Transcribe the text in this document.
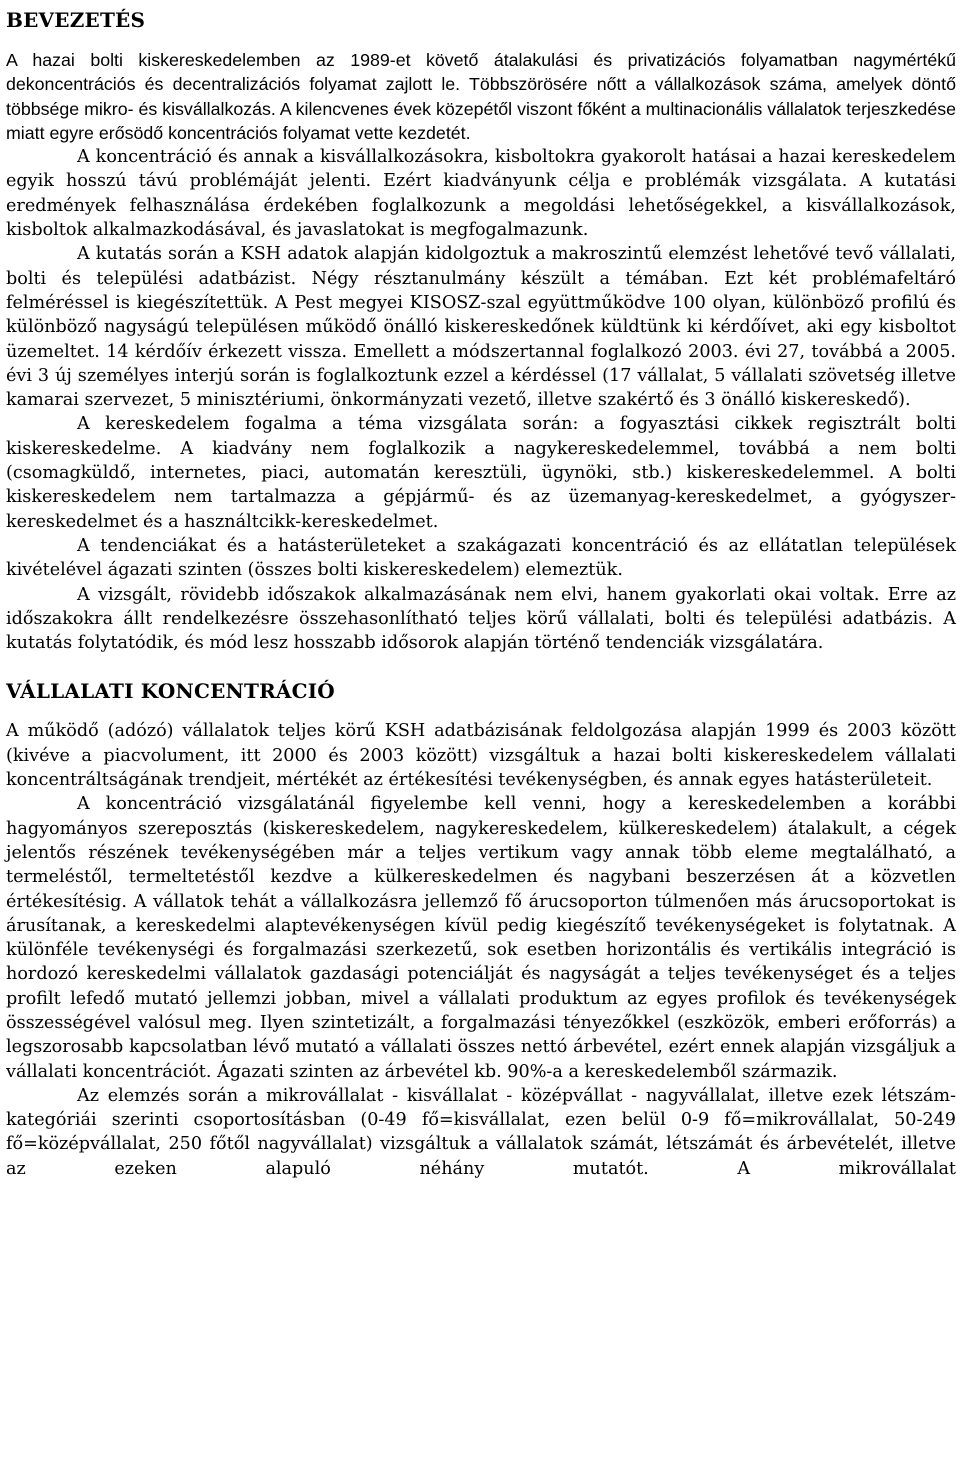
BEVEZETÉS

A hazai bolti kiskereskedelemben az 1989-et követő átalakulási és privatizációs folyamatban nagymértékű dekoncentrációs és decentralizációs folyamat zajlott le. Többszörösére nőtt a vállalkozások száma, amelyek döntő többsége mikro- és kisvállalkozás. A kilencvenes évek közepétől viszont főként a multinacionális vállalatok terjeszkedése miatt egyre erősödő koncentrációs folyamat vette kezdetét.

A koncentráció és annak a kisvállalkozásokra, kisboltokra gyakorolt hatásai a hazai kereskedelem egyik hosszú távú problémáját jelenti. Ezért kiadványunk célja e problémák vizsgálata. A kutatási eredmények felhasználása érdekében foglalkozunk a megoldási lehetőségekkel, a kisvállalkozások, kisboltok alkalmazkodásával, és javaslatokat is megfogalmazunk.

A kutatás során a KSH adatok alapján kidolgoztuk a makroszintű elemzést lehetővé tevő vállalati, bolti és települési adatbázist. Négy résztanulmány készült a témában. Ezt két problémafeltáró felméréssel is kiegészítettük. A Pest megyei KISOSZ-szal együttműködve 100 olyan, különböző profilú és különböző nagyságú településen működő önálló kiskereskedőnek küldtünk ki kérdőívet, aki egy kisboltot üzemeltet. 14 kérdőív érkezett vissza. Emellett a módszertannal foglalkozó 2003. évi 27, továbbá a 2005. évi 3 új személyes interjú során is foglalkoztunk ezzel a kérdéssel (17 vállalat, 5 vállalati szövetség illetve kamarai szervezet, 5 minisztériumi, önkormányzati vezető, illetve szakértő és 3 önálló kiskereskedő).

A kereskedelem fogalma a téma vizsgálata során: a fogyasztási cikkek regisztrált bolti kiskereskedelme. A kiadvány nem foglalkozik a nagykereskedelemmel, továbbá a nem bolti (csomagküldő, internetes, piaci, automatán keresztüli, ügynöki, stb.) kiskereskedelemmel. A bolti kiskereskedelem nem tartalmazza a gépjármű- és az üzemanyag-kereskedelmet, a gyógyszer-kereskedelmet és a használtcikk-kereskedelmet.

A tendenciákat és a hatásterületeket a szakágazati koncentráció és az ellátatlan települések kivételével ágazati szinten (összes bolti kiskereskedelem) elemeztük.

A vizsgált, rövidebb időszakok alkalmazásának nem elvi, hanem gyakorlati okai voltak. Erre az időszakokra állt rendelkezésre összehasonlítható teljes körű vállalati, bolti és települési adatbázis. A kutatás folytatódik, és mód lesz hosszabb idősorok alapján történő tendenciák vizsgálatára.

VÁLLALATI KONCENTRÁCIÓ

A működő (adózó) vállalatok teljes körű KSH adatbázisának feldolgozása alapján 1999 és 2003 között (kivéve a piacvolument, itt 2000 és 2003 között) vizsgáltuk a hazai bolti kiskereskedelem vállalati koncentráltságának trendjeit, mértékét az értékesítési tevékenységben, és annak egyes hatásterületeit.

A koncentráció vizsgálatánál figyelembe kell venni, hogy a kereskedelemben a korábbi hagyományos szereposztás (kiskereskedelem, nagykereskedelem, külkereskedelem) átalakult, a cégek jelentős részének tevékenységében már a teljes vertikum vagy annak több eleme megtalálható, a termeléstől, termeltetéstől kezdve a külkereskedelmen és nagybani beszerzésen át a közvetlen értékesítésig. A vállatok tehát a vállalkozásra jellemző fő árucsoporton túlmenően más árucsoportokat is árusítanak, a kereskedelmi alaptevékenységen kívül pedig kiegészítő tevékenységeket is folytatnak. A különféle tevékenységi és forgalmazási szerkezetű, sok esetben horizontális és vertikális integráció is hordozó kereskedelmi vállalatok gazdasági potenciálját és nagyságát a teljes tevékenységet és a teljes profilt lefedő mutató jellemzi jobban, mivel a vállalati produktum az egyes profilok és tevékenységek összességével valósul meg. Ilyen szintetizált, a forgalmazási tényezőkkel (eszközök, emberi erőforrás) a legszorosabb kapcsolatban lévő mutató a vállalati összes nettó árbevétel, ezért ennek alapján vizsgáljuk a vállalati koncentrációt. Ágazati szinten az árbevétel kb. 90%-a a kereskedelemből származik.

Az elemzés során a mikrovállalat - kisvállalat - középvállat - nagyvállalat, illetve ezek létszám-kategóriái szerinti csoportosításban (0-49 fő=kisvállalat, ezen belül 0-9 fő=mikrovállalat, 50-249 fő=középvállalat, 250 főtől nagyvállalat) vizsgáltuk a vállalatok számát, létszámát és árbevételét, illetve az ezeken alapuló néhány mutatót. A mikrovállalat
